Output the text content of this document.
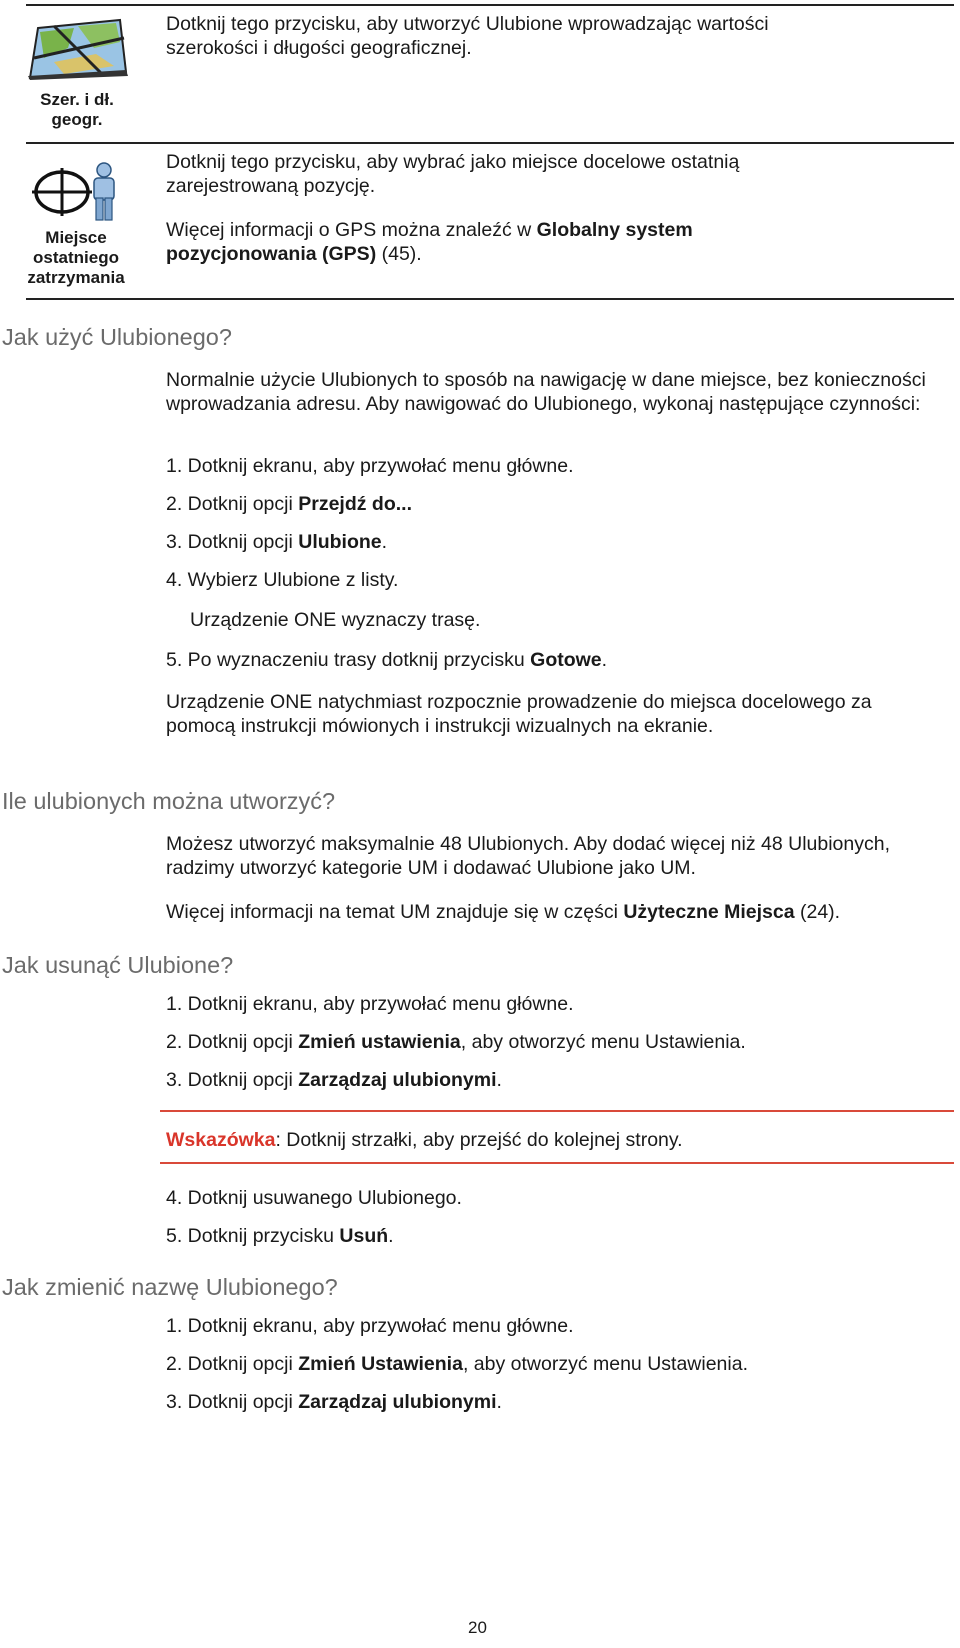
Szer. i dł.
geogr.
Dotknij tego przycisku, aby utworzyć Ulubione wprowadzając wartości szerokości i długości geograficznej.
Miejsce
ostatniego
zatrzymania
Dotknij tego przycisku, aby wybrać jako miejsce docelowe ostatnią zarejestrowaną pozycję.
Więcej informacji o GPS można znaleźć w Globalny system pozycjonowania (GPS) (45).
Jak użyć Ulubionego?
Normalnie użycie Ulubionych to sposób na nawigację w dane miejsce, bez konieczności wprowadzania adresu. Aby nawigować do Ulubionego, wykonaj następujące czynności:
1. Dotknij ekranu, aby przywołać menu główne.
2. Dotknij opcji Przejdź do...
3. Dotknij opcji Ulubione.
4. Wybierz Ulubione z listy.
Urządzenie ONE wyznaczy trasę.
5. Po wyznaczeniu trasy dotknij przycisku Gotowe.
Urządzenie ONE natychmiast rozpocznie prowadzenie do miejsca docelowego za pomocą instrukcji mówionych i instrukcji wizualnych na ekranie.
Ile ulubionych można utworzyć?
Możesz utworzyć maksymalnie 48 Ulubionych. Aby dodać więcej niż 48 Ulubionych, radzimy utworzyć kategorie UM i dodawać Ulubione jako UM.
Więcej informacji na temat UM znajduje się w części Użyteczne Miejsca (24).
Jak usunąć Ulubione?
1. Dotknij ekranu, aby przywołać menu główne.
2. Dotknij opcji Zmień ustawienia, aby otworzyć menu Ustawienia.
3. Dotknij opcji Zarządzaj ulubionymi.
Wskazówka: Dotknij strzałki, aby przejść do kolejnej strony.
4. Dotknij usuwanego Ulubionego.
5. Dotknij przycisku Usuń.
Jak zmienić nazwę Ulubionego?
1. Dotknij ekranu, aby przywołać menu główne.
2. Dotknij opcji Zmień Ustawienia, aby otworzyć menu Ustawienia.
3. Dotknij opcji Zarządzaj ulubionymi.
20
